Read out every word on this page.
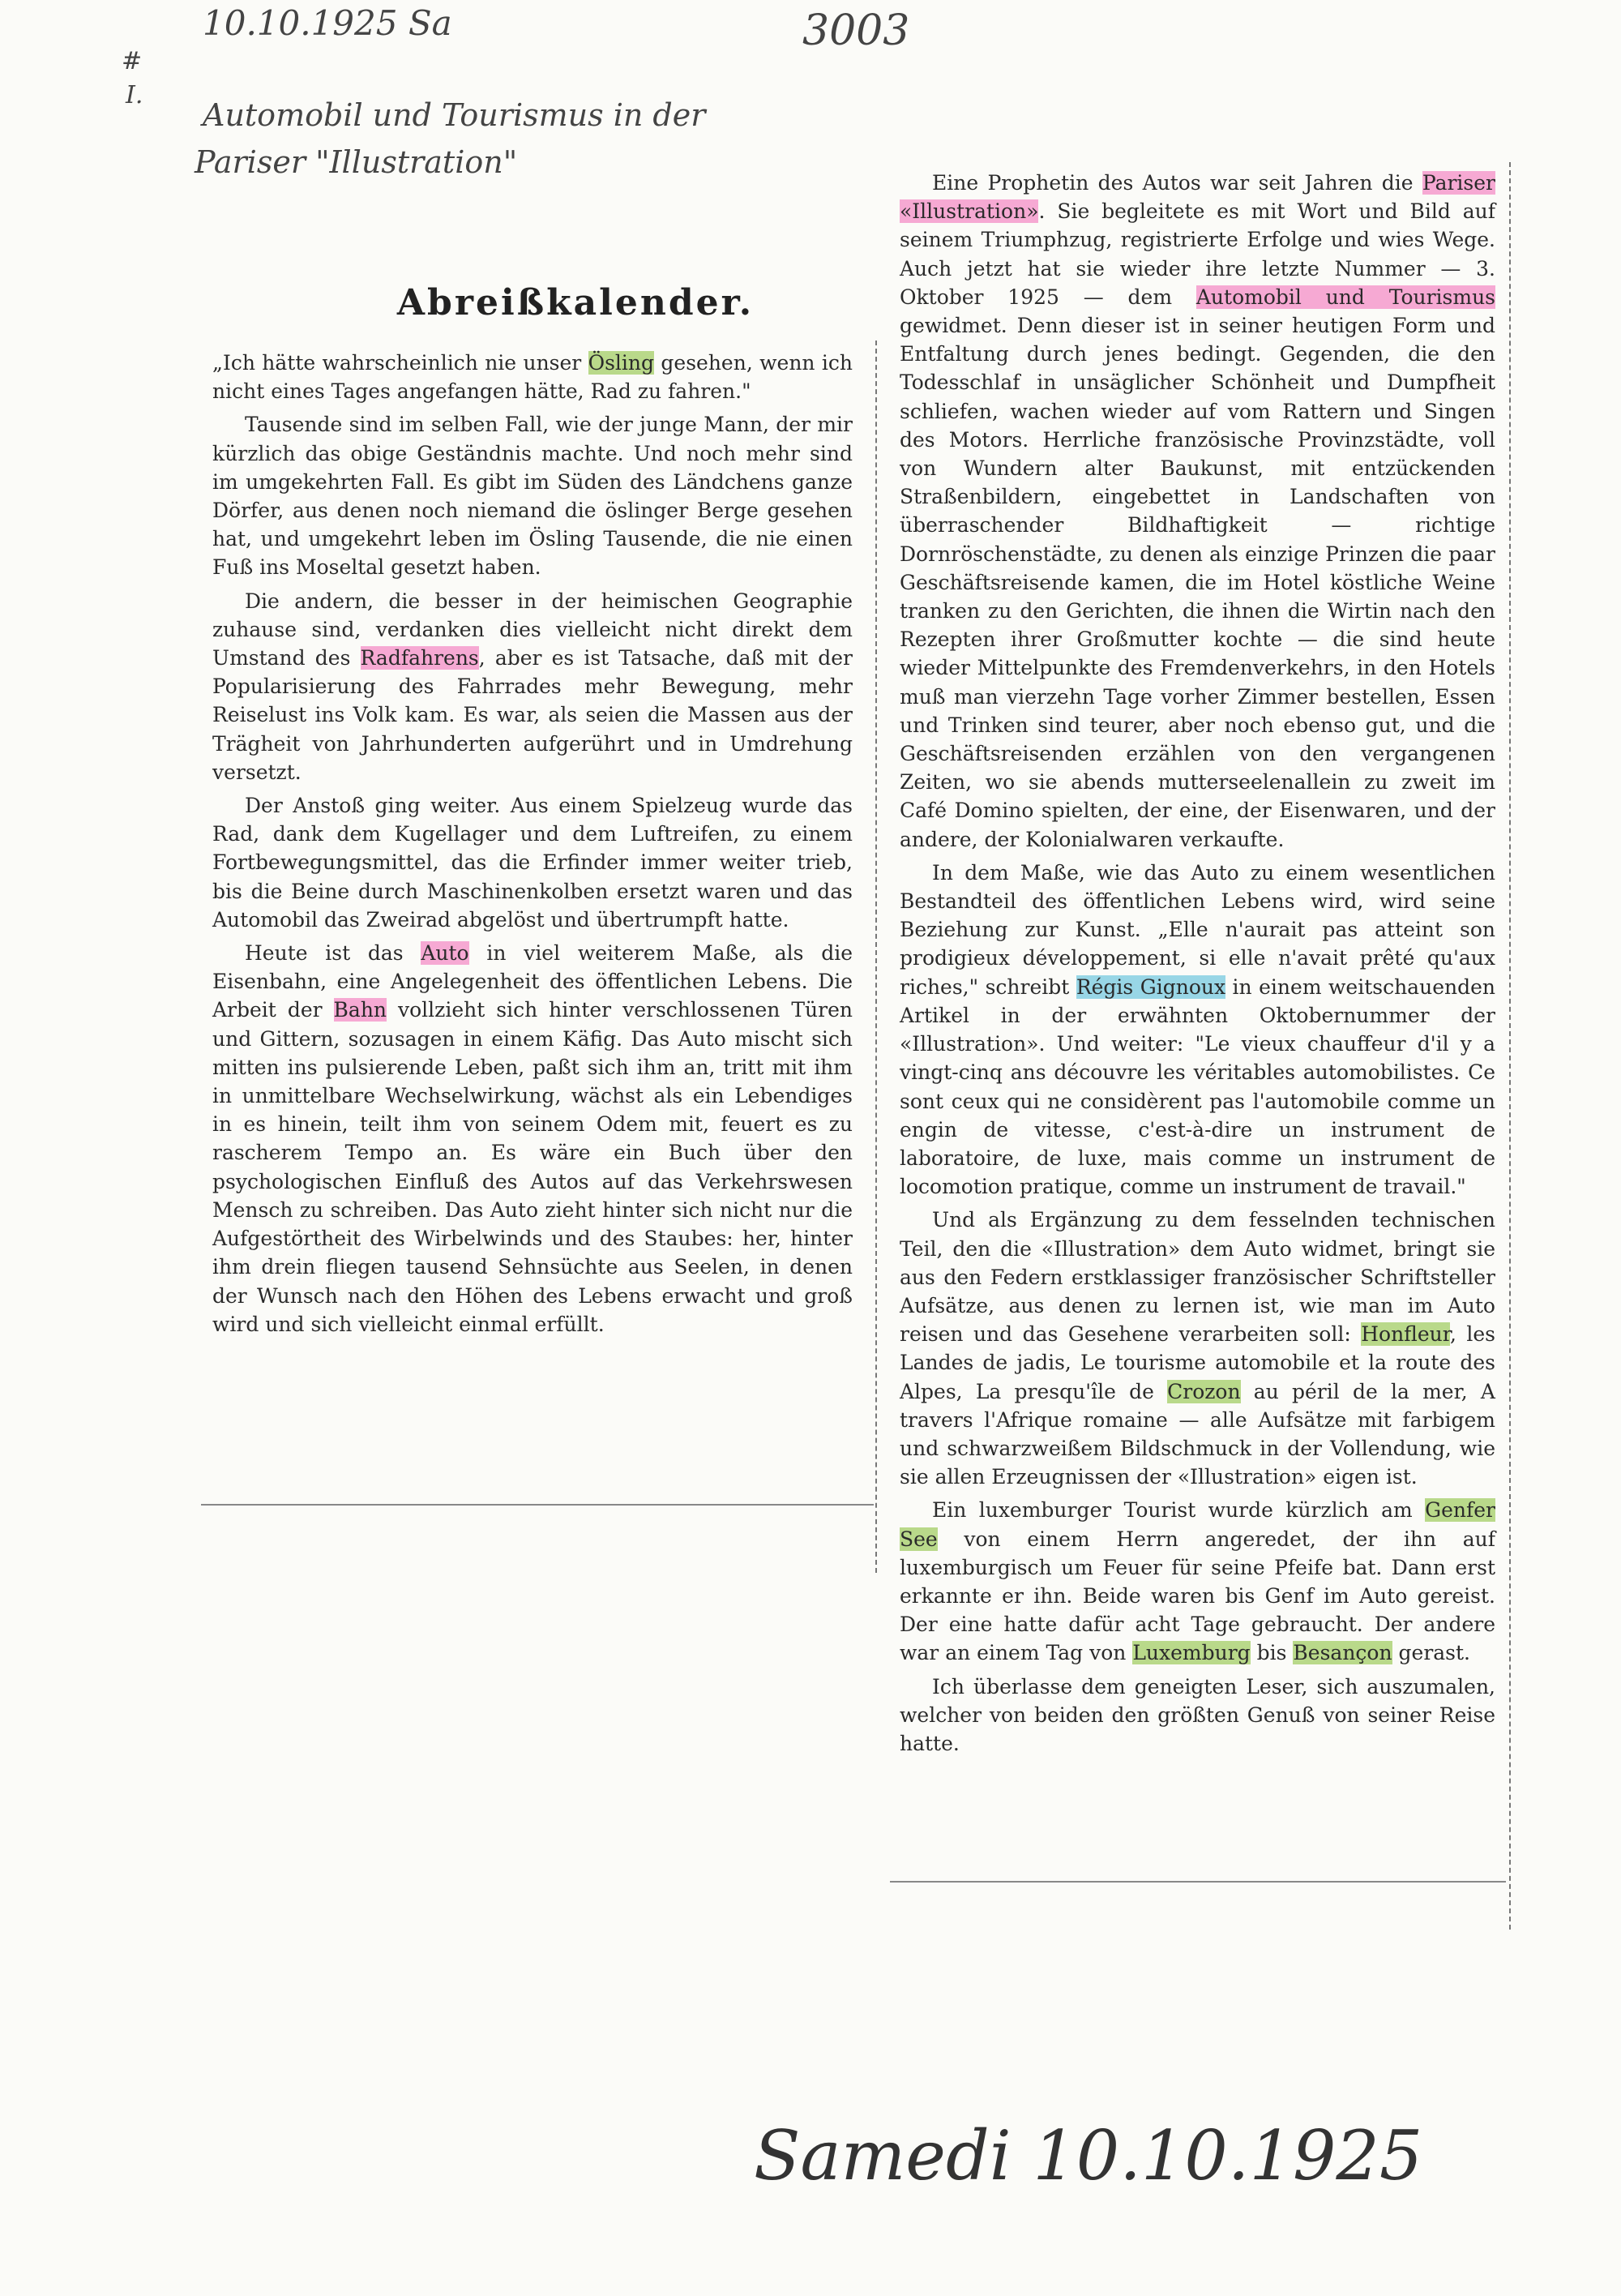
10.10.1925 Sa	3003
#
I.
Automobil und Tourismus in der
Pariser "Illustration"
Abreißkalender.

„Ich hätte wahrscheinlich nie unser Ösling gesehen, wenn ich nicht eines Tages angefangen hätte, Rad zu fahren."

Tausende sind im selben Fall, wie der junge Mann, der mir kürzlich das obige Geständnis machte. Und noch mehr sind im umgekehrten Fall. Es gibt im Süden des Ländchens ganze Dörfer, aus denen noch niemand die öslinger Berge gesehen hat, und umgekehrt leben im Ösling Tausende, die nie einen Fuß ins Moseltal gesetzt haben.

Die andern, die besser in der heimischen Geographie zuhause sind, verdanken dies vielleicht nicht direkt dem Umstand des Radfahrens, aber es ist Tatsache, daß mit der Popularisierung des Fahrrades mehr Bewegung, mehr Reiselust ins Volk kam. Es war, als seien die Massen aus der Trägheit von Jahrhunderten aufgerührt und in Umdrehung versetzt.

Der Anstoß ging weiter. Aus einem Spielzeug wurde das Rad, dank dem Kugellager und dem Luftreifen, zu einem Fortbewegungsmittel, das die Erfinder immer weiter trieb, bis die Beine durch Maschinenkolben ersetzt waren und das Automobil das Zweirad abgelöst und übertrumpft hatte.

Heute ist das Auto in viel weiterem Maße, als die Eisenbahn, eine Angelegenheit des öffentlichen Lebens. Die Arbeit der Bahn vollzieht sich hinter verschlossenen Türen und Gittern, sozusagen in einem Käfig. Das Auto mischt sich mitten ins pulsierende Leben, paßt sich ihm an, tritt mit ihm in unmittelbare Wechselwirkung, wächst als ein Lebendiges in es hinein, teilt ihm von seinem Odem mit, feuert es zu rascherem Tempo an. Es wäre ein Buch über den psychologischen Einfluß des Autos auf das Verkehrswesen Mensch zu schreiben. Das Auto zieht hinter sich nicht nur die Aufgestörtheit des Wirbelwinds und des Staubes: her, hinter ihm drein fliegen tausend Sehnsüchte aus Seelen, in denen der Wunsch nach den Höhen des Lebens erwacht und groß wird und sich vielleicht einmal erfüllt.

Eine Prophetin des Autos war seit Jahren die Pariser «Illustration». Sie begleitete es mit Wort und Bild auf seinem Triumphzug, registrierte Erfolge und wies Wege. Auch jetzt hat sie wieder ihre letzte Nummer — 3. Oktober 1925 — dem Automobil und Tourismus gewidmet. Denn dieser ist in seiner heutigen Form und Entfaltung durch jenes bedingt. Gegenden, die den Todesschlaf in unsäglicher Schönheit und Dumpfheit schliefen, wachen wieder auf vom Rattern und Singen des Motors. Herrliche französische Provinzstädte, voll von Wundern alter Baukunst, mit entzückenden Straßenbildern, eingebettet in Landschaften von überraschender Bildhaftigkeit — richtige Dornröschenstädte, zu denen als einzige Prinzen die paar Geschäftsreisende kamen, die im Hotel köstliche Weine tranken zu den Gerichten, die ihnen die Wirtin nach den Rezepten ihrer Großmutter kochte — die sind heute wieder Mittelpunkte des Fremdenverkehrs, in den Hotels muß man vierzehn Tage vorher Zimmer bestellen, Essen und Trinken sind teurer, aber noch ebenso gut, und die Geschäftsreisenden erzählen von den vergangenen Zeiten, wo sie abends mutterseelenallein zu zweit im Café Domino spielten, der eine, der Eisenwaren, und der andere, der Kolonialwaren verkaufte.

In dem Maße, wie das Auto zu einem wesentlichen Bestandteil des öffentlichen Lebens wird, wird seine Beziehung zur Kunst. „Elle n'aurait pas atteint son prodigieux développement, si elle n'avait prêté qu'aux riches," schreibt Régis Gignoux in einem weitschauenden Artikel in der erwähnten Oktobernummer der «Illustration». Und weiter: "Le vieux chauffeur d'il y a vingt-cinq ans découvre les véritables automobilistes. Ce sont ceux qui ne considèrent pas l'automobile comme un engin de vitesse, c'est-à-dire un instrument de laboratoire, de luxe, mais comme un instrument de locomotion pratique, comme un instrument de travail."

Und als Ergänzung zu dem fesselnden technischen Teil, den die «Illustration» dem Auto widmet, bringt sie aus den Federn erstklassiger französischer Schriftsteller Aufsätze, aus denen zu lernen ist, wie man im Auto reisen und das Gesehene verarbeiten soll: Honfleur, les Landes de jadis, Le tourisme automobile et la route des Alpes, La presqu'île de Crozon au péril de la mer, A travers l'Afrique romaine — alle Aufsätze mit farbigem und schwarzweißem Bildschmuck in der Vollendung, wie sie allen Erzeugnissen der «Illustration» eigen ist.

Ein luxemburger Tourist wurde kürzlich am Genfer See von einem Herrn angeredet, der ihn auf luxemburgisch um Feuer für seine Pfeife bat. Dann erst erkannte er ihn. Beide waren bis Genf im Auto gereist. Der eine hatte dafür acht Tage gebraucht. Der andere war an einem Tag von Luxemburg bis Besançon gerast.

Ich überlasse dem geneigten Leser, sich auszumalen, welcher von beiden den größten Genuß von seiner Reise hatte.

Samedi 10.10.1925
